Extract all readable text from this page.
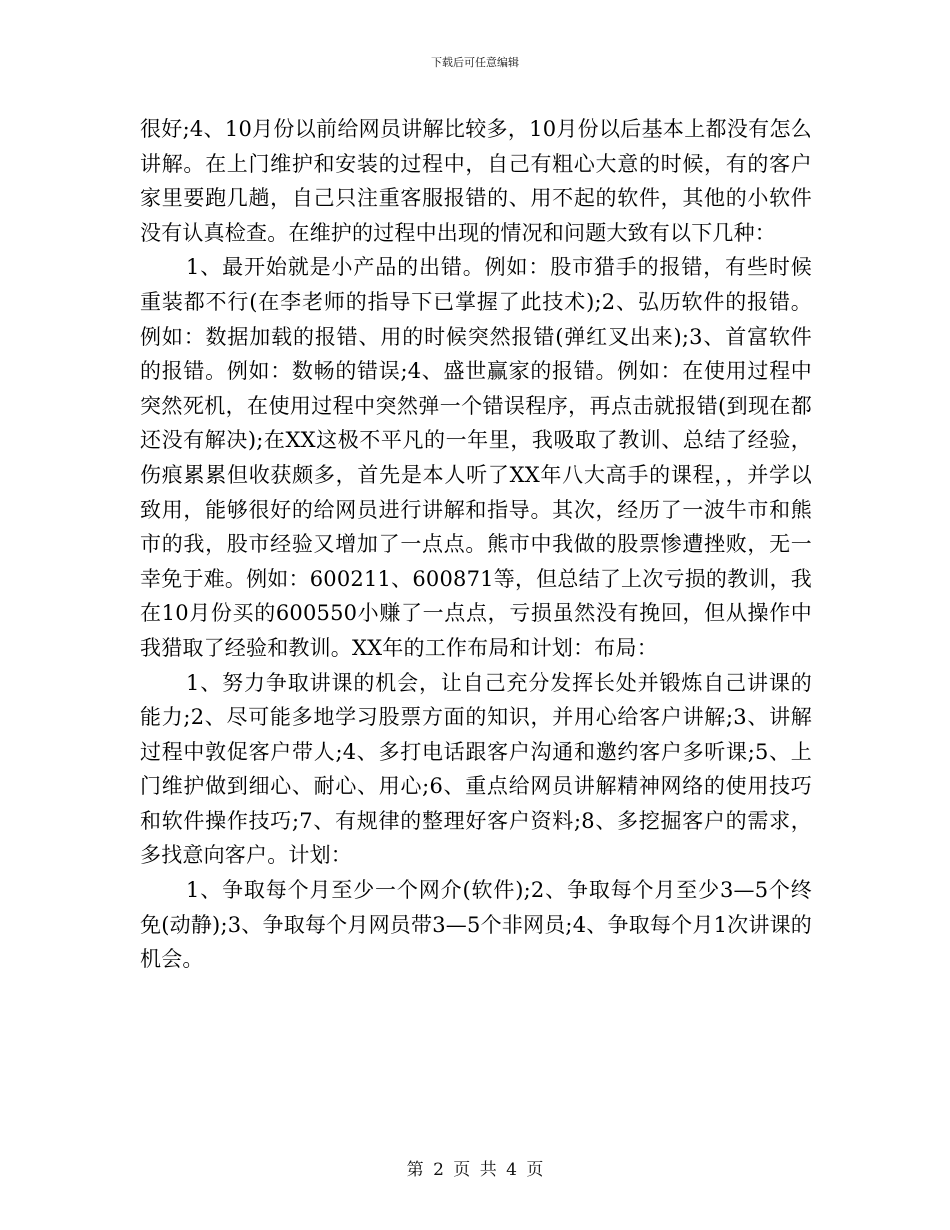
下载后可任意编辑

很好;4、10月份以前给网员讲解比较多，10月份以后基本上都没有怎么讲解。在上门维护和安装的过程中，自己有粗心大意的时候，有的客户家里要跑几趟，自己只注重客服报错的、用不起的软件，其他的小软件没有认真检查。在维护的过程中出现的情况和问题大致有以下几种：

1、最开始就是小产品的出错。例如：股市猎手的报错，有些时候重装都不行(在李老师的指导下已掌握了此技术);2、弘历软件的报错。例如：数据加载的报错、用的时候突然报错(弹红叉出来);3、首富软件的报错。例如：数畅的错误;4、盛世赢家的报错。例如：在使用过程中突然死机，在使用过程中突然弹一个错误程序，再点击就报错(到现在都还没有解决);在XX这极不平凡的一年里，我吸取了教训、总结了经验，伤痕累累但收获颇多，首先是本人听了XX年八大高手的课程，，并学以致用，能够很好的给网员进行讲解和指导。其次，经历了一波牛市和熊市的我，股市经验又增加了一点点。熊市中我做的股票惨遭挫败，无一幸免于难。例如：600211、600871等，但总结了上次亏损的教训，我在10月份买的600550小赚了一点点，亏损虽然没有挽回，但从操作中我猎取了经验和教训。XX年的工作布局和计划：布局：

1、努力争取讲课的机会，让自己充分发挥长处并锻炼自己讲课的能力;2、尽可能多地学习股票方面的知识，并用心给客户讲解;3、讲解过程中敦促客户带人;4、多打电话跟客户沟通和邀约客户多听课;5、上门维护做到细心、耐心、用心;6、重点给网员讲解精神网络的使用技巧和软件操作技巧;7、有规律的整理好客户资料;8、多挖掘客户的需求，多找意向客户。计划：

1、争取每个月至少一个网介(软件);2、争取每个月至少3—5个终免(动静);3、争取每个月网员带3—5个非网员;4、争取每个月1次讲课的机会。

第 2 页 共 4 页
